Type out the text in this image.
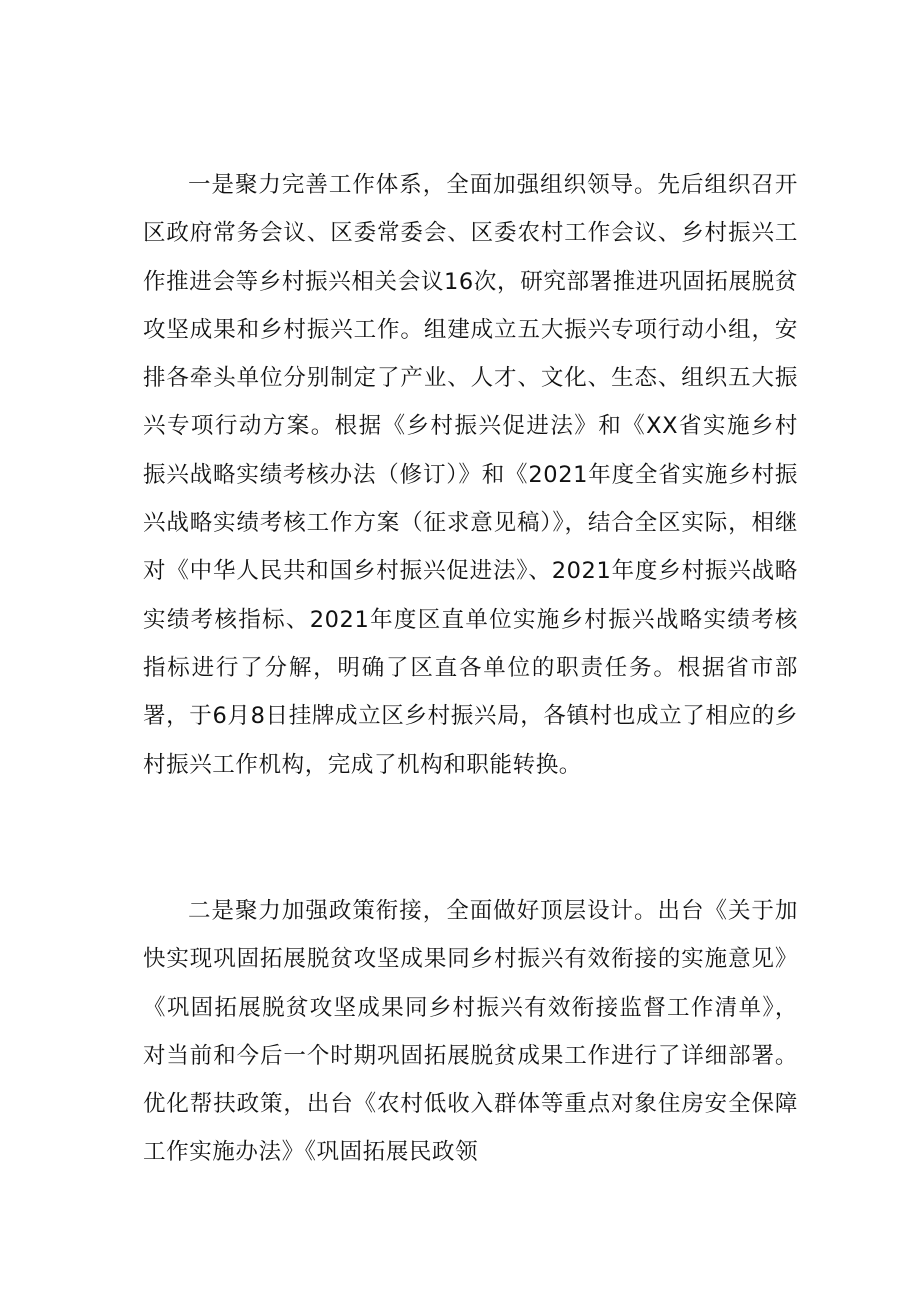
一是聚力完善工作体系，全面加强组织领导。先后组织召开区政府常务会议、区委常委会、区委农村工作会议、乡村振兴工作推进会等乡村振兴相关会议16次，研究部署推进巩固拓展脱贫攻坚成果和乡村振兴工作。组建成立五大振兴专项行动小组，安排各牵头单位分别制定了产业、人才、文化、生态、组织五大振兴专项行动方案。根据《乡村振兴促进法》和《XX省实施乡村振兴战略实绩考核办法（修订）》和《2021年度全省实施乡村振兴战略实绩考核工作方案（征求意见稿）》，结合全区实际，相继对《中华人民共和国乡村振兴促进法》、2021年度乡村振兴战略实绩考核指标、2021年度区直单位实施乡村振兴战略实绩考核指标进行了分解，明确了区直各单位的职责任务。根据省市部署，于6月8日挂牌成立区乡村振兴局，各镇村也成立了相应的乡村振兴工作机构，完成了机构和职能转换。

二是聚力加强政策衔接，全面做好顶层设计。出台《关于加快实现巩固拓展脱贫攻坚成果同乡村振兴有效衔接的实施意见》《巩固拓展脱贫攻坚成果同乡村振兴有效衔接监督工作清单》，对当前和今后一个时期巩固拓展脱贫成果工作进行了详细部署。优化帮扶政策，出台《农村低收入群体等重点对象住房安全保障工作实施办法》《巩固拓展民政领
